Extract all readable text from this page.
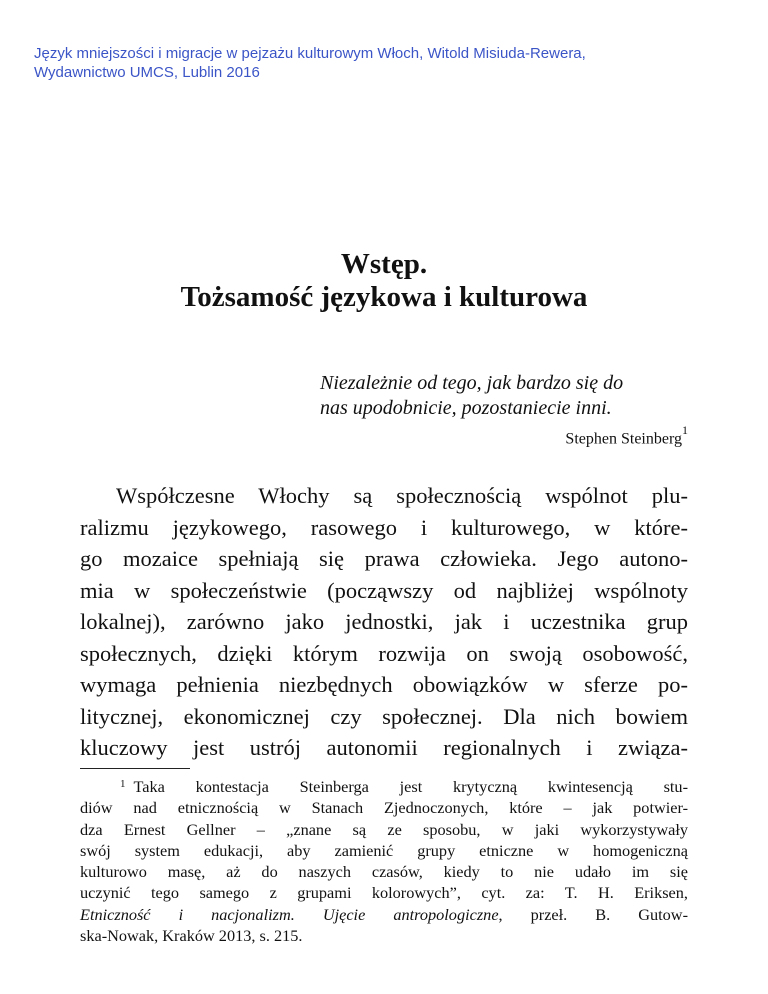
Język mniejszości i migracje w pejzażu kulturowym Włoch, Witold Misiuda-Rewera,
Wydawnictwo UMCS, Lublin 2016
Wstęp.
Tożsamość językowa i kulturowa
Niezależnie od tego, jak bardzo się do
nas upodobnicie, pozostaniecie inni.
Stephen Steinberg$^1$
Współczesne Włochy są społecznością wspólnot plu-
ralizmu językowego, rasowego i kulturowego, w które-
go mozaice spełniają się prawa człowieka. Jego autono-
mia w społeczeństwie (począwszy od najbliżej wspólnoty
lokalnej), zarówno jako jednostki, jak i uczestnika grup
społecznych, dzięki którym rozwija on swoją osobowość,
wymaga pełnienia niezbędnych obowiązków w sferze po-
litycznej, ekonomicznej czy społecznej. Dla nich bowiem
kluczowy jest ustrój autonomii regionalnych i związa-
$^1$ Taka kontestacja Steinberga jest krytyczną kwintesencją stu-
diów nad etnicznością w Stanach Zjednoczonych, które – jak potwier-
dza Ernest Gellner – „znane są ze sposobu, w jaki wykorzystywały
swój system edukacji, aby zamienić grupy etniczne w homogeniczną
kulturowo masę, aż do naszych czasów, kiedy to nie udało im się
uczynić tego samego z grupami kolorowych”, cyt. za: T. H. Eriksen,
Etniczność i nacjonalizm. Ujęcie antropologiczne, przeł. B. Gutow-
ska-Nowak, Kraków 2013, s. 215.
